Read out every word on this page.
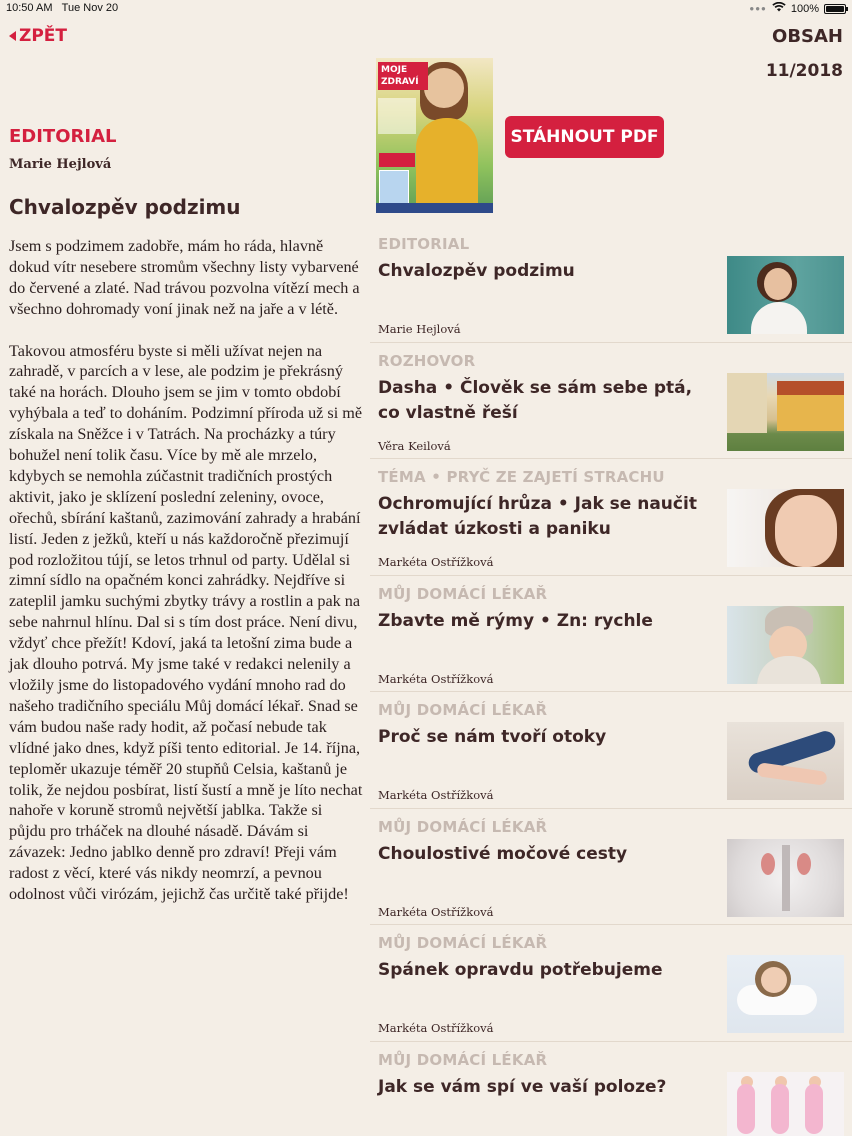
10:50 AM Tue Nov 20	●●● 100%
ZPĚT	OBSAH
11/2018
MOJE
ZDRAVÍ
STÁHNOUT PDF
EDITORIAL
Marie Hejlová
Chvalozpěv podzimu

Jsem s podzimem zadobře, mám ho ráda, hlavně dokud vítr nesebere stromům všechny listy vybarvené do červené a zlaté. Nad trávou pozvolna vítězí mech a všechno dohromady voní jinak než na jaře a v létě.

Takovou atmosféru byste si měli užívat nejen na zahradě, v parcích a v lese, ale podzim je překrásný také na horách. Dlouho jsem se jim v tomto období vyhýbala a teď to doháním. Podzimní příroda už si mě získala na Sněžce i v Tatrách. Na procházky a túry bohužel není tolik času. Více by mě ale mrzelo, kdybych se nemohla zúčastnit tradičních prostých aktivit, jako je sklízení poslední zeleniny, ovoce, ořechů, sbírání kaštanů, zazimování zahrady a hrabání listí. Jeden z ježků, kteří u nás každoročně přezimují pod rozložitou tújí, se letos trhnul od party. Udělal si zimní sídlo na opačném konci zahrádky. Nejdříve si zateplil jamku suchými zbytky trávy a rostlin a pak na sebe nahrnul hlínu. Dal si s tím dost práce. Není divu, vždyť chce přežít! Kdoví, jaká ta letošní zima bude a jak dlouho potrvá. My jsme také v redakci nelenily a vložily jsme do listopadového vydání mnoho rad do našeho tradičního speciálu Můj domácí lékař. Snad se vám budou naše rady hodit, až počasí nebude tak vlídné jako dnes, když píši tento editorial. Je 14. října, teploměr ukazuje téměř 20 stupňů Celsia, kaštanů je tolik, že nejdou posbírat, listí šustí a mně je líto nechat nahoře v koruně stromů největší jablka. Takže si půjdu pro trháček na dlouhé násadě. Dávám si závazek: Jedno jablko denně pro zdraví! Přeji vám radost z věcí, které vás nikdy neomrzí, a pevnou odolnost vůči virózám, jejichž čas určitě také přijde!

EDITORIAL
Chvalozpěv podzimu
Marie Hejlová
ROZHOVOR
Dasha • Člověk se sám sebe ptá, co vlastně řeší
Věra Keilová
TÉMA • PRYČ ZE ZAJETÍ STRACHU
Ochromující hrůza • Jak se naučit zvládat úzkosti a paniku
Markéta Ostřížková
MŮJ DOMÁCÍ LÉKAŘ
Zbavte mě rýmy • Zn: rychle
Markéta Ostřížková
MŮJ DOMÁCÍ LÉKAŘ
Proč se nám tvoří otoky
Markéta Ostřížková
MŮJ DOMÁCÍ LÉKAŘ
Choulostivé močové cesty
Markéta Ostřížková
MŮJ DOMÁCÍ LÉKAŘ
Spánek opravdu potřebujeme
Markéta Ostřížková
MŮJ DOMÁCÍ LÉKAŘ
Jak se vám spí ve vaší poloze?
